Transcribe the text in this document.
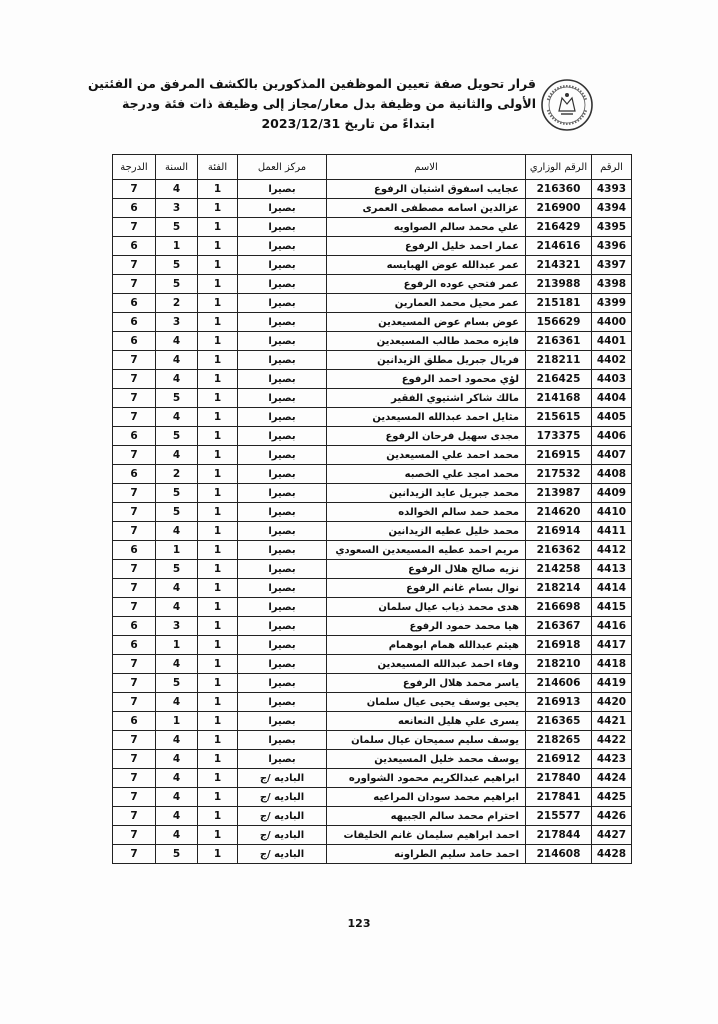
قرار تحويل صفة تعيين الموظفين المذكورين بالكشف المرفق من الفئتين
الأولى والثانية من وظيفة بدل معار/مجاز إلى وظيفة ذات فئة ودرجة
ابتداءً من تاريخ 2023/12/31
الرقم	الرقم الوزاري	الاسم	مركز العمل	الفئة	السنة	الدرجة
4393	216360	عجايب اسفوق اشتيان الرفوع	بصيرا	1	4	7
4394	216900	عزالدين اسامه مصطفى العمرى	بصيرا	1	3	6
4395	216429	علي محمد سالم الصواويه	بصيرا	1	5	7
4396	214616	عمار احمد خليل الرفوع	بصيرا	1	1	6
4397	214321	عمر عبدالله عوض الهبايسه	بصيرا	1	5	7
4398	213988	عمر فتحي عوده الرفوع	بصيرا	1	5	7
4399	215181	عمر محيل محمد العمارين	بصيرا	1	2	6
4400	156629	عوض بسام عوض المسيعدين	بصيرا	1	3	6
4401	216361	فايزه محمد طالب المسيعدين	بصيرا	1	4	6
4402	218211	فريال جبريل مطلق الزيدانين	بصيرا	1	4	7
4403	216425	لؤي محمود احمد الرفوع	بصيرا	1	4	7
4404	214168	مالك شاكر اشتيوي الفقير	بصيرا	1	5	7
4405	215615	مثايل احمد عبدالله المسيعدين	بصيرا	1	4	7
4406	173375	مجدى سهيل فرحان الرفوع	بصيرا	1	5	6
4407	216915	محمد احمد علي المسيعدين	بصيرا	1	4	7
4408	217532	محمد امجد علي الخصبه	بصيرا	1	2	6
4409	213987	محمد جبريل عايد الزيدانين	بصيرا	1	5	7
4410	214620	محمد حمد سالم الخوالده	بصيرا	1	5	7
4411	216914	محمد خليل عطيه الزيدانين	بصيرا	1	4	7
4412	216362	مريم احمد عطيه المسيعدين السعودي	بصيرا	1	1	6
4413	214258	نزيه صالح هلال الرفوع	بصيرا	1	5	7
4414	218214	نوال بسام غانم الرفوع	بصيرا	1	4	7
4415	216698	هدى محمد ذياب عيال سلمان	بصيرا	1	4	7
4416	216367	هيا محمد حمود الرفوع	بصيرا	1	3	6
4417	216918	هيثم عبدالله همام ابوهمام	بصيرا	1	1	6
4418	218210	وفاء احمد عبدالله المسيعدين	بصيرا	1	4	7
4419	214606	ياسر محمد هلال الرفوع	بصيرا	1	5	7
4420	216913	يحيى يوسف يحيى عيال سلمان	بصيرا	1	4	7
4421	216365	يسرى علي هليل النعانعه	بصيرا	1	1	6
4422	218265	يوسف سليم سميحان عيال سلمان	بصيرا	1	4	7
4423	216912	يوسف محمد خليل المسيعدين	بصيرا	1	4	7
4424	217840	ابراهيم عبدالكريم محمود الشواوره	الباديه /ج	1	4	7
4425	217841	ابراهيم محمد سودان المراعيه	الباديه /ج	1	4	7
4426	215577	احترام محمد سالم الجبيهه	الباديه /ج	1	4	7
4427	217844	احمد ابراهيم سليمان غانم الخليفات	الباديه /ج	1	4	7
4428	214608	احمد حامد سليم الطراونه	الباديه /ج	1	5	7
123
